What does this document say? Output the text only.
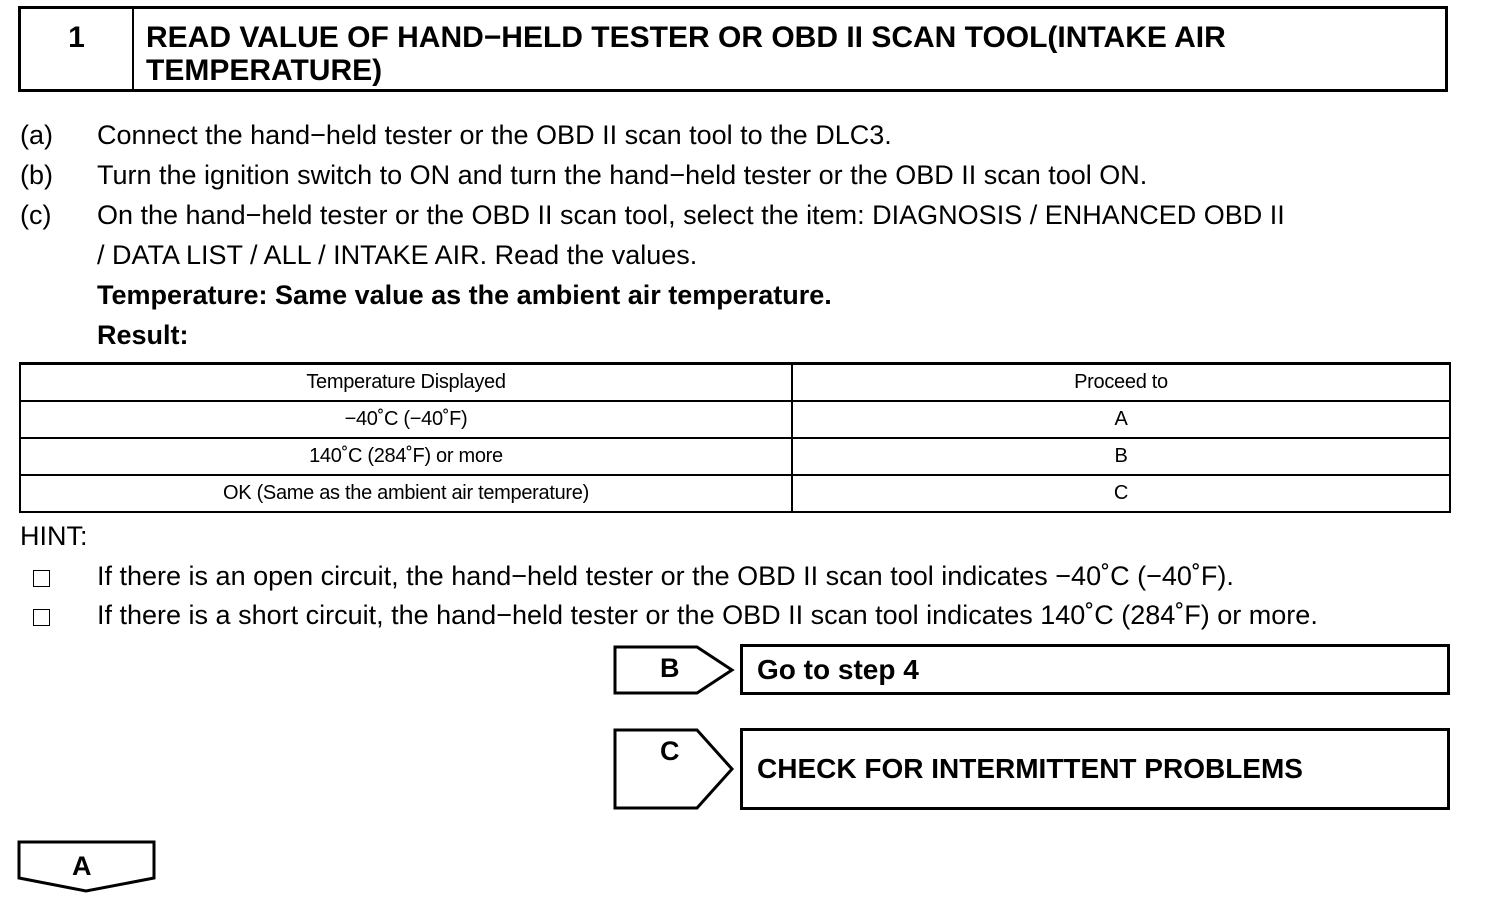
1	READ VALUE OF HAND−HELD TESTER OR OBD II SCAN TOOL(INTAKE AIR
TEMPERATURE)
(a) Connect the hand−held tester or the OBD II scan tool to the DLC3.
(b) Turn the ignition switch to ON and turn the hand−held tester or the OBD II scan tool ON.
(c) On the hand−held tester or the OBD II scan tool, select the item: DIAGNOSIS / ENHANCED OBD II
/ DATA LIST / ALL / INTAKE AIR. Read the values.
Temperature: Same value as the ambient air temperature.
Result:
Temperature Displayed	Proceed to
−40˚C (−40˚F)	A
140˚C (284˚F) or more	B
OK (Same as the ambient air temperature)	C
HINT:
If there is an open circuit, the hand−held tester or the OBD II scan tool indicates −40˚C (−40˚F).
If there is a short circuit, the hand−held tester or the OBD II scan tool indicates 140˚C (284˚F) or more.
B	Go to step 4
C
CHECK FOR INTERMITTENT PROBLEMS
A
